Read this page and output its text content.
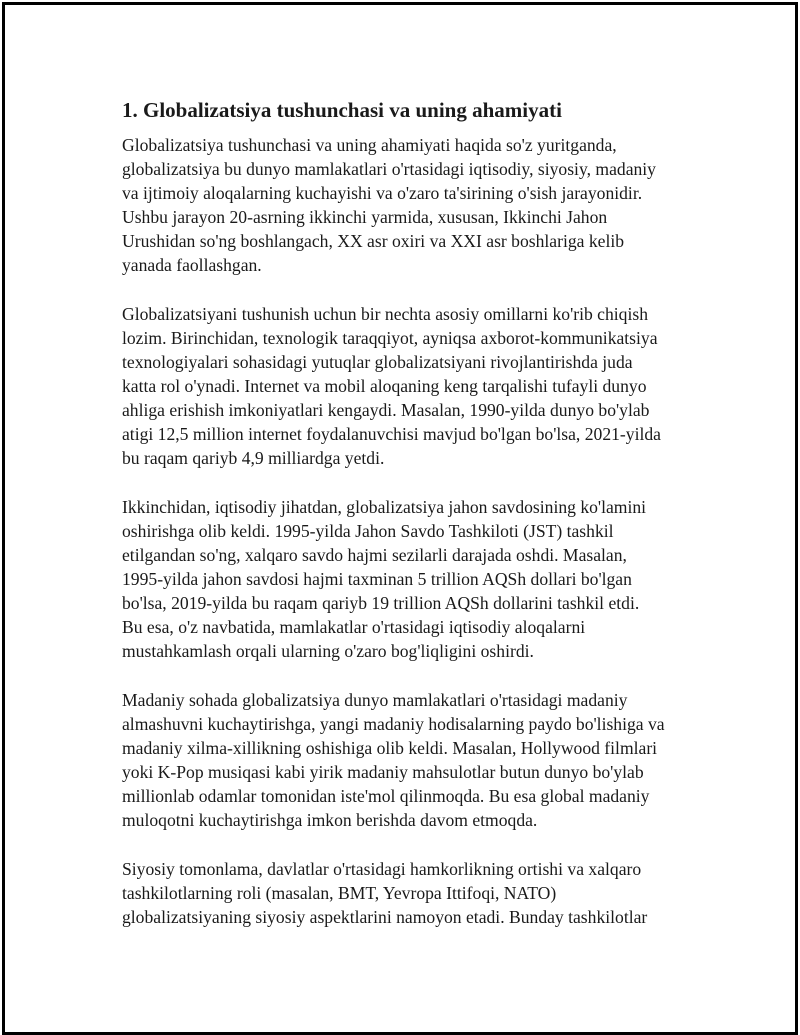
1. Globalizatsiya tushunchasi va uning ahamiyati

Globalizatsiya tushunchasi va uning ahamiyati haqida so'z yuritganda,
globalizatsiya bu dunyo mamlakatlari o'rtasidagi iqtisodiy, siyosiy, madaniy
va ijtimoiy aloqalarning kuchayishi va o'zaro ta'sirining o'sish jarayonidir.
Ushbu jarayon 20-asrning ikkinchi yarmida, xususan, Ikkinchi Jahon
Urushidan so'ng boshlangach, XX asr oxiri va XXI asr boshlariga kelib
yanada faollashgan.

Globalizatsiyani tushunish uchun bir nechta asosiy omillarni ko'rib chiqish
lozim. Birinchidan, texnologik taraqqiyot, ayniqsa axborot-kommunikatsiya
texnologiyalari sohasidagi yutuqlar globalizatsiyani rivojlantirishda juda
katta rol o'ynadi. Internet va mobil aloqaning keng tarqalishi tufayli dunyo
ahliga erishish imkoniyatlari kengaydi. Masalan, 1990-yilda dunyo bo'ylab
atigi 12,5 million internet foydalanuvchisi mavjud bo'lgan bo'lsa, 2021-yilda
bu raqam qariyb 4,9 milliardga yetdi.

Ikkinchidan, iqtisodiy jihatdan, globalizatsiya jahon savdosining ko'lamini
oshirishga olib keldi. 1995-yilda Jahon Savdo Tashkiloti (JST) tashkil
etilgandan so'ng, xalqaro savdo hajmi sezilarli darajada oshdi. Masalan,
1995-yilda jahon savdosi hajmi taxminan 5 trillion AQSh dollari bo'lgan
bo'lsa, 2019-yilda bu raqam qariyb 19 trillion AQSh dollarini tashkil etdi.
Bu esa, o'z navbatida, mamlakatlar o'rtasidagi iqtisodiy aloqalarni
mustahkamlash orqali ularning o'zaro bog'liqligini oshirdi.

Madaniy sohada globalizatsiya dunyo mamlakatlari o'rtasidagi madaniy
almashuvni kuchaytirishga, yangi madaniy hodisalarning paydo bo'lishiga va
madaniy xilma-xillikning oshishiga olib keldi. Masalan, Hollywood filmlari
yoki K-Pop musiqasi kabi yirik madaniy mahsulotlar butun dunyo bo'ylab
millionlab odamlar tomonidan iste'mol qilinmoqda. Bu esa global madaniy
muloqotni kuchaytirishga imkon berishda davom etmoqda.

Siyosiy tomonlama, davlatlar o'rtasidagi hamkorlikning ortishi va xalqaro
tashkilotlarning roli (masalan, BMT, Yevropa Ittifoqi, NATO)
globalizatsiyaning siyosiy aspektlarini namoyon etadi. Bunday tashkilotlar
